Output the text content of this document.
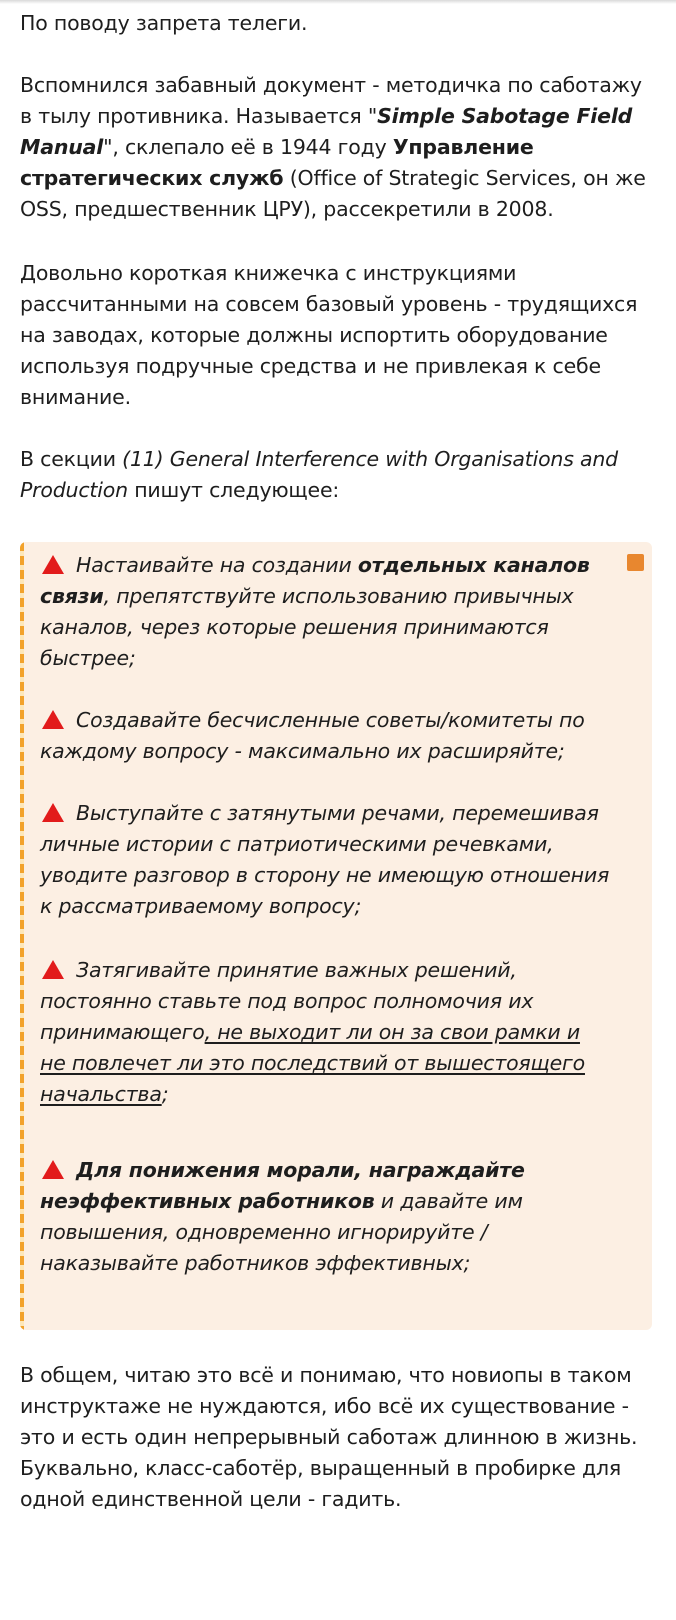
По поводу запрета телеги.

Вспомнился забавный документ - методичка по саботажу в тылу противника. Называется "Simple Sabotage Field Manual", склепало её в 1944 году Управление стратегических служб (Office of Strategic Services, он же OSS, предшественник ЦРУ), рассекретили в 2008.

Довольно короткая книжечка с инструкциями рассчитанными на совсем базовый уровень - трудящихся на заводах, которые должны испортить оборудование используя подручные средства и не привлекая к себе внимание.

В секции (11) General Interference with Organisations and Production пишут следующее:

Настаивайте на создании отдельных каналов связи, препятствуйте использованию привычных каналов, через которые решения принимаются быстрее;

Создавайте бесчисленные советы/комитеты по каждому вопросу - максимально их расширяйте;

Выступайте с затянутыми речами, перемешивая личные истории с патриотическими речевками, уводите разговор в сторону не имеющую отношения к рассматриваемому вопросу;

Затягивайте принятие важных решений, постоянно ставьте под вопрос полномочия их принимающего, не выходит ли он за свои рамки и не повлечет ли это последствий от вышестоящего начальства;

Для понижения морали, награждайте неэффективных работников и давайте им повышения, одновременно игнорируйте / наказывайте работников эффективных;

В общем, читаю это всё и понимаю, что новиопы в таком инструктаже не нуждаются, ибо всё их существование - это и есть один непрерывный саботаж длинною в жизнь. Буквально, класс-саботёр, выращенный в пробирке для одной единственной цели - гадить.
